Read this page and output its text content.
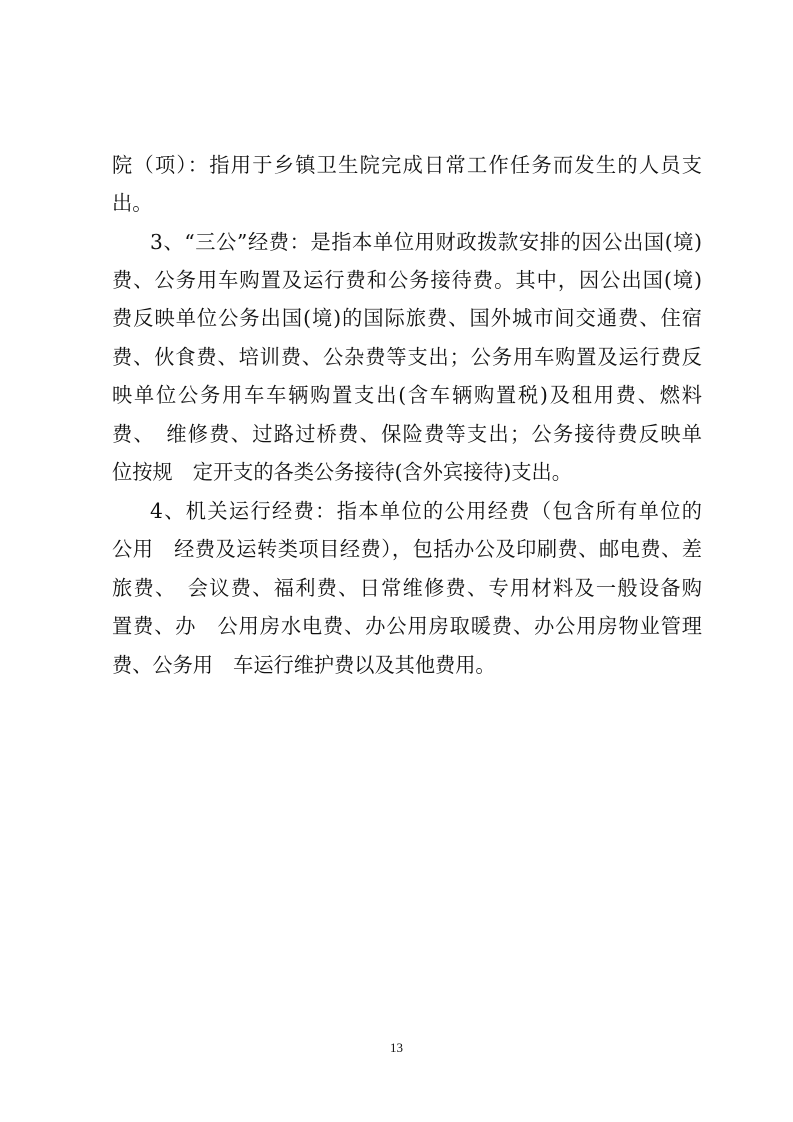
院（项）：指用于乡镇卫生院完成日常工作任务而发生的人员支
出。
3、“三公”经费：是指本单位用财政拨款安排的因公出国(境)
费、公务用车购置及运行费和公务接待费。其中，因公出国(境)
费反映单位公务出国(境)的国际旅费、国外城市间交通费、住宿
费、伙食费、培训费、公杂费等支出；公务用车购置及运行费反
映单位公务用车车辆购置支出(含车辆购置税)及租用费、燃料
费、　维修费、过路过桥费、保险费等支出；公务接待费反映单
位按规　定开支的各类公务接待(含外宾接待)支出。
4、机关运行经费：指本单位的公用经费（包含所有单位的
公用　经费及运转类项目经费），包括办公及印刷费、邮电费、差
旅费、　会议费、福利费、日常维修费、专用材料及一般设备购
置费、办　公用房水电费、办公用房取暖费、办公用房物业管理
费、公务用　车运行维护费以及其他费用。
13
